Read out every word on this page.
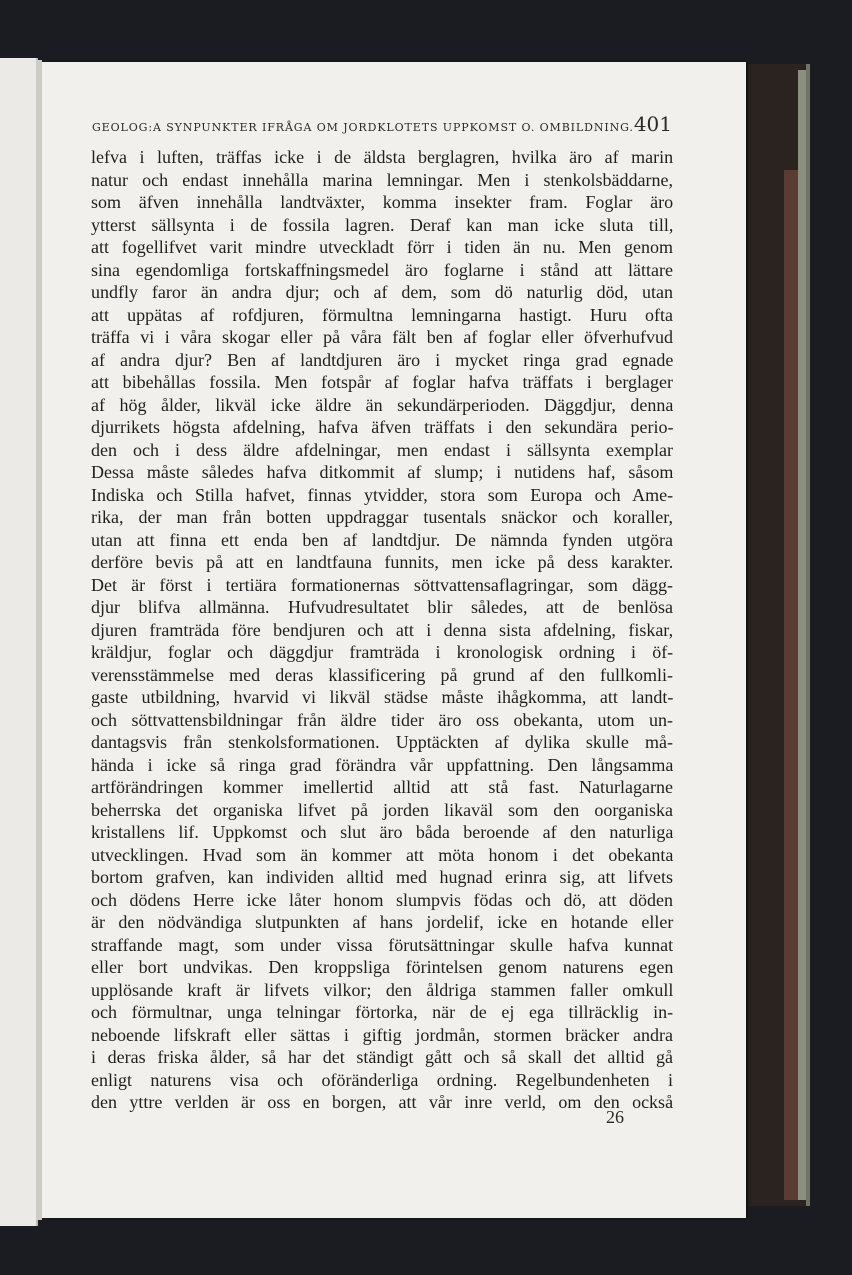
GEOLOG:A SYNPUNKTER IFRÅGA OM JORDKLOTETS UPPKOMST O. OMBILDNING. 401
lefva i luften, träffas icke i de äldsta berglagren, hvilka äro af marin
natur och endast innehålla marina lemningar. Men i stenkolsbäddarne,
som äfven innehålla landtväxter, komma insekter fram. Foglar äro
ytterst sällsynta i de fossila lagren. Deraf kan man icke sluta till,
att fogellifvet varit mindre utveckladt förr i tiden än nu. Men genom
sina egendomliga fortskaffningsmedel äro foglarne i stånd att lättare
undfly faror än andra djur; och af dem, som dö naturlig död, utan
att uppätas af rofdjuren, förmultna lemningarna hastigt. Huru ofta
träffa vi i våra skogar eller på våra fält ben af foglar eller öfverhufvud
af andra djur? Ben af landtdjuren äro i mycket ringa grad egnade
att bibehållas fossila. Men fotspår af foglar hafva träffats i berglager
af hög ålder, likväl icke äldre än sekundärperioden. Däggdjur, denna
djurrikets högsta afdelning, hafva äfven träffats i den sekundära perio-
den och i dess äldre afdelningar, men endast i sällsynta exemplar
Dessa måste således hafva ditkommit af slump; i nutidens haf, såsom
Indiska och Stilla hafvet, finnas ytvidder, stora som Europa och Ame-
rika, der man från botten uppdraggar tusentals snäckor och koraller,
utan att finna ett enda ben af landtdjur. De nämnda fynden utgöra
derföre bevis på att en landtfauna funnits, men icke på dess karakter.
Det är först i tertiära formationernas söttvattensaflagringar, som dägg-
djur blifva allmänna. Hufvudresultatet blir således, att de benlösa
djuren framträda före bendjuren och att i denna sista afdelning, fiskar,
kräldjur, foglar och däggdjur framträda i kronologisk ordning i öf-
verensstämmelse med deras klassificering på grund af den fullkomli-
gaste utbildning, hvarvid vi likväl städse måste ihågkomma, att landt-
och söttvattensbildningar från äldre tider äro oss obekanta, utom un-
dantagsvis från stenkolsformationen. Upptäckten af dylika skulle må-
hända i icke så ringa grad förändra vår uppfattning. Den långsamma
artförändringen kommer imellertid alltid att stå fast. Naturlagarne
beherrska det organiska lifvet på jorden likaväl som den oorganiska
kristallens lif. Uppkomst och slut äro båda beroende af den naturliga
utvecklingen. Hvad som än kommer att möta honom i det obekanta
bortom grafven, kan individen alltid med hugnad erinra sig, att lifvets
och dödens Herre icke låter honom slumpvis födas och dö, att döden
är den nödvändiga slutpunkten af hans jordelif, icke en hotande eller
straffande magt, som under vissa förutsättningar skulle hafva kunnat
eller bort undvikas. Den kroppsliga förintelsen genom naturens egen
upplösande kraft är lifvets vilkor; den åldriga stammen faller omkull
och förmultnar, unga telningar förtorka, när de ej ega tillräcklig in-
neboende lifskraft eller sättas i giftig jordmån, stormen bräcker andra
i deras friska ålder, så har det ständigt gått och så skall det alltid gå
enligt naturens visa och oföränderliga ordning. Regelbundenheten i
den yttre verlden är oss en borgen, att vår inre verld, om den också
26
